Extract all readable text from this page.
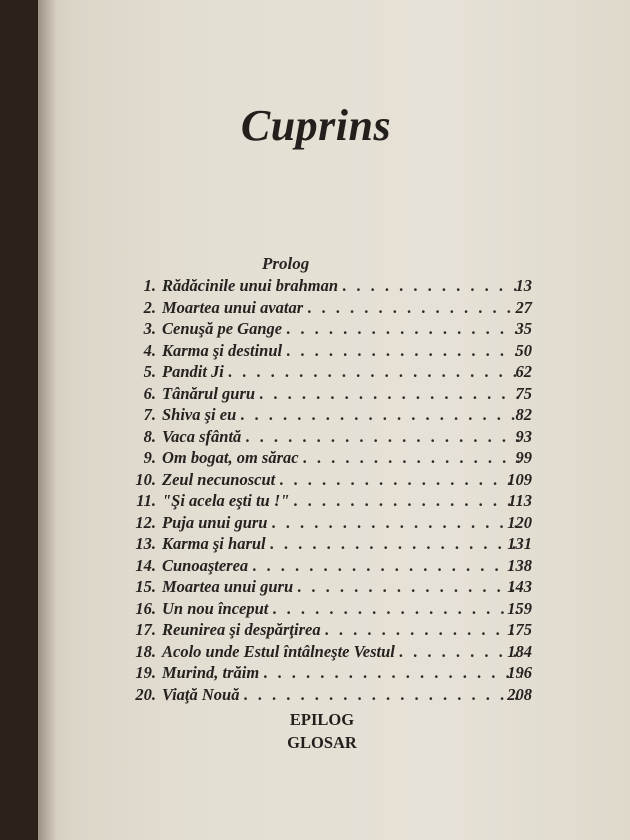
Cuprins
Prolog
1. Rădăcinile unui brahman . . .	13
2. Moartea unui avatar . . .	27
3. Cenuşă pe Gange . . .	35
4. Karma şi destinul . . .	50
5. Pandit Ji . . .	62
6. Tânărul guru . . .	75
7. Shiva şi eu . . .	82
8. Vaca sfântă . . .	93
9. Om bogat, om sărac . . .	99
10. Zeul necunoscut . . .	109
11. "Şi acela eşti tu !" . . .	113
12. Puja unui guru . . .	120
13. Karma şi harul . . .	131
14. Cunoaşterea . . .	138
15. Moartea unui guru . . .	143
16. Un nou început . . .	159
17. Reunirea şi despărţirea . . .	175
18. Acolo unde Estul întâlneşte Vestul . . .	184
19. Murind, trăim . . .	196
20. Viaţă Nouă . . .	208
EPILOG
GLOSAR
